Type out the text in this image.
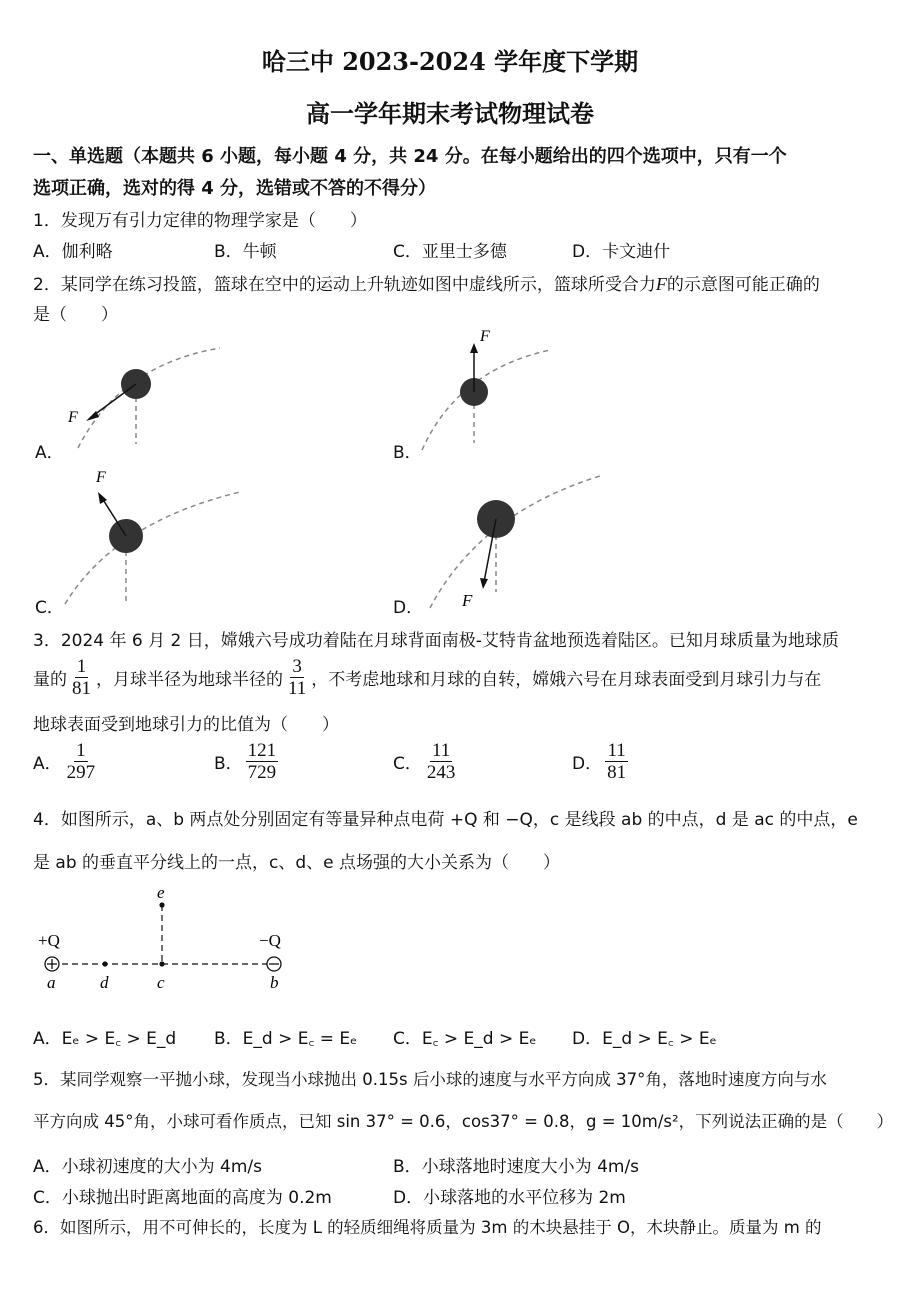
哈三中 2023-2024 学年度下学期
高一学年期末考试物理试卷
一、单选题（本题共 6 小题，每小题 4 分，共 24 分。在每小题给出的四个选项中，只有一个
选项正确，选对的得 4 分，选错或不答的不得分）
1．发现万有引力定律的物理学家是（　　）
A．伽利略	B．牛顿	C．亚里士多德	D．卡文迪什
2．某同学在练习投篮，篮球在空中的运动上升轨迹如图中虚线所示，篮球所受合力F的示意图可能正确的
是（　　）
F
A．
F
B．
F
C．	F
D．
3．2024 年 6 月 2 日，嫦娥六号成功着陆在月球背面南极-艾特肯盆地预选着陆区。已知月球质量为地球质
量的 $\frac{1}{81}$ ，月球半径为地球半径的 $\frac{3}{11}$ ，不考虑地球和月球的自转，嫦娥六号在月球表面受到月球引力与在
地球表面受到地球引力的比值为（　　）
A． $\frac{1}{297}$	B． $\frac{121}{729}$	C． $\frac{11}{243}$	D． $\frac{11}{81}$
4．如图所示，a、b 两点处分别固定有等量异种点电荷 +Q 和 −Q，c 是线段 ab 的中点，d 是 ac 的中点，e
是 ab 的垂直平分线上的一点，c、d、e 点场强的大小关系为（　　）
+Q	−Q
a	d	c	b
e
A．Eₑ > E꜀ > E_d B．E_d > E꜀ = Eₑ C．E꜀ > E_d > Eₑ D．E_d > E꜀ > Eₑ
5．某同学观察一平抛小球，发现当小球抛出 0.15s 后小球的速度与水平方向成 37°角，落地时速度方向与水
平方向成 45°角，小球可看作质点，已知 sin 37° = 0.6，cos37° = 0.8，g = 10m/s²，下列说法正确的是（　　）
A．小球初速度的大小为 4m/s	B．小球落地时速度大小为 4m/s
C．小球抛出时距离地面的高度为 0.2m	D．小球落地的水平位移为 2m
6．如图所示，用不可伸长的，长度为 L 的轻质细绳将质量为 3m 的木块悬挂于 O，木块静止。质量为 m 的
